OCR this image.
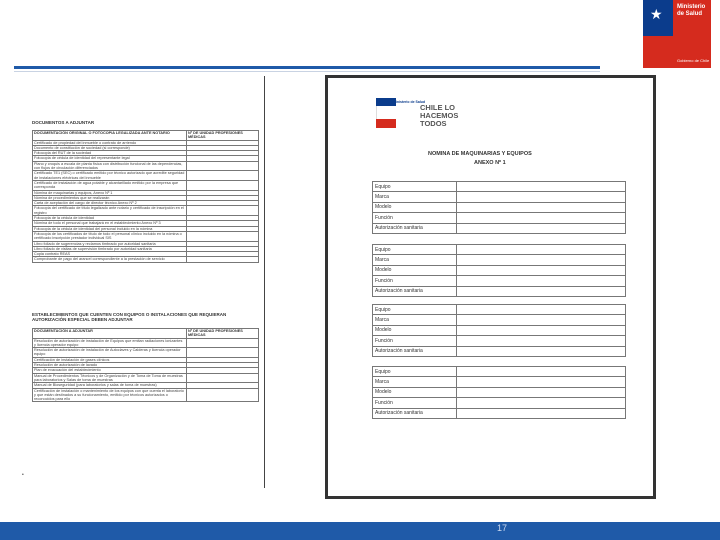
★ Ministerio de Salud
Gobierno de Chile
DOCUMENTOS A ADJUNTAR
DOCUMENTACIÓN ORIGINAL O FOTOCOPIA LEGALIZADA ANTE NOTARIO	Nº DE UNIDAD PROFESIONES MÉDICAS
Certificado de propiedad del inmueble o contrato de arriendo	
Documento de constitución de sociedad (si corresponde)	
Fotocopia del RUT de la sociedad	
Fotocopia de cédula de identidad del representante legal	
Plano y croquis a escala de planta física con distribución funcional de las dependencias, con flujos de circulación diferenciados	
Certificado TE1 (SEC) o certificado emitido por técnico autorizado que acredite seguridad de instalaciones eléctricas del inmueble	
Certificado de instalación de agua potable y alcantarillado emitido por la empresa que corresponda	
Nómina de maquinarias y equipos, Anexo Nº 1	
Nómina de procedimientos que se realizarán	
Carta de aceptación del cargo de director técnico Anexo Nº 2	
Fotocopia del certificado de título legalizado ante notario y certificado de inscripción en el registro	
Fotocopia de la cédula de identidad	
Nómina de todo el personal que trabajará en el establecimiento Anexo Nº 3	
Fotocopia de la cédula de identidad del personal incluido en la nómina	
Fotocopia de los certificados de título de todo el personal clínico incluido en la nómina o certificado inscripción prestador individual SIS	
Libro foliado de sugerencias y reclamos timbrado por autoridad sanitaria	
Libro foliado de visitas de supervisión timbrado por autoridad sanitaria	
Copia contrato REAS	
Comprobante de pago del arancel correspondiente a la prestación de servicio	
ESTABLECIMIENTOS QUE CUENTEN CON EQUIPOS O INSTALACIONES QUE REQUIERAN AUTORIZACIÓN ESPECIAL DEBEN ADJUNTAR
DOCUMENTACIÓN A ADJUNTAR	Nº DE UNIDAD PROFESIONES MÉDICAS
Resolución de autorización de instalación de Equipos que emitan radiaciones ionizantes y licencia operador equipo	
Resolución de autorización de instalación de Autoclaves y Calderas y licencia operador equipo	
Certificación de instalación de gases clínicos	
Resolución de autorización de lavado	
Plan de evacuación del establecimiento	
Manual de Procedimientos Técnicos y de Organización y de Toma de Toma de muestras para laboratorios y Salas de toma de muestras	
Manual de Bioseguridad (para laboratorios y salas de toma de muestras)	
Certificación de instalación o mantenimiento de los equipos con que cuenta el laboratorio y que están destinados a su funcionamiento, emitido por técnicos autorizados o reconocidos para ello	
•
Ministerio de Salud
CHILE LO HACEMOS TODOS
NOMINA DE MAQUINARIAS Y EQUIPOS
ANEXO Nº 1
Equipo	
Marca	
Modelo	
Función	
Autorización sanitaria	
Equipo	
Marca	
Modelo	
Función	
Autorización sanitaria	
Equipo	
Marca	
Modelo	
Función	
Autorización sanitaria	
Equipo	
Marca	
Modelo	
Función	
Autorización sanitaria	
17
